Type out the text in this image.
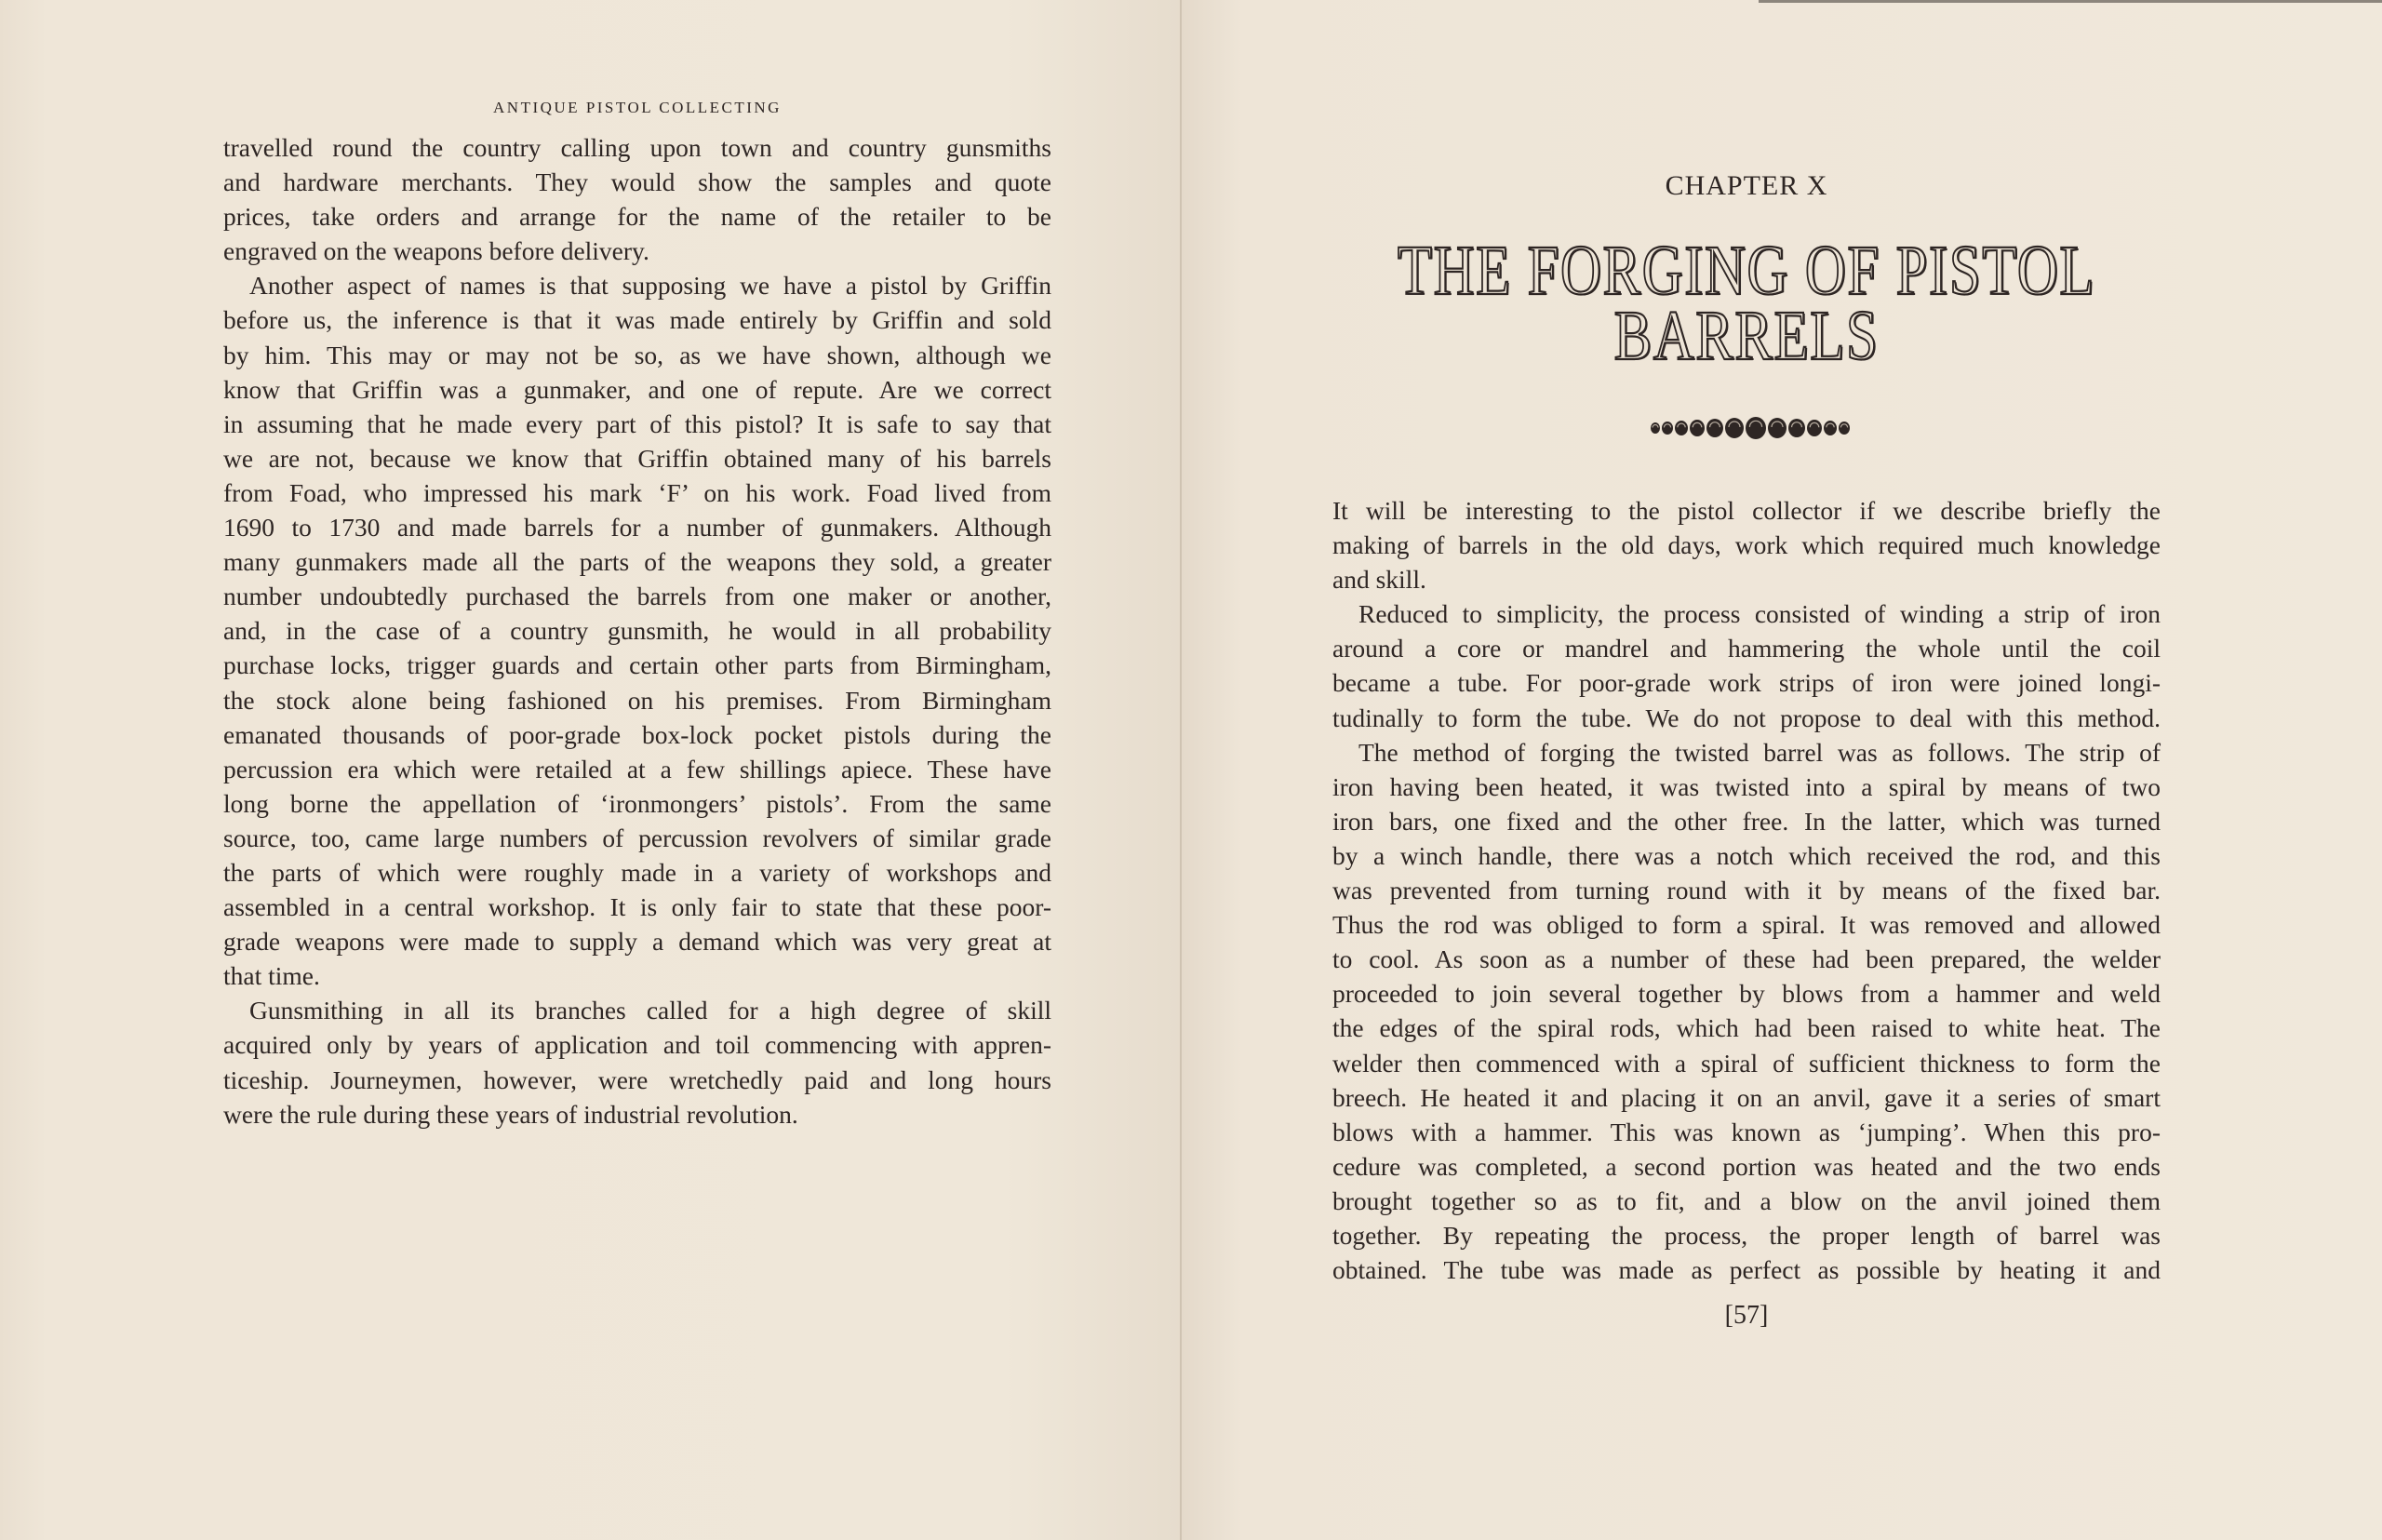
ANTIQUE PISTOL COLLECTING
travelled round the country calling upon town and country gunsmiths
and hardware merchants. They would show the samples and quote
prices, take orders and arrange for the name of the retailer to be
engraved on the weapons before delivery.
Another aspect of names is that supposing we have a pistol by Griffin
before us, the inference is that it was made entirely by Griffin and sold
by him. This may or may not be so, as we have shown, although we
know that Griffin was a gunmaker, and one of repute. Are we correct
in assuming that he made every part of this pistol? It is safe to say that
we are not, because we know that Griffin obtained many of his barrels
from Foad, who impressed his mark ‘F’ on his work. Foad lived from
1690 to 1730 and made barrels for a number of gunmakers. Although
many gunmakers made all the parts of the weapons they sold, a greater
number undoubtedly purchased the barrels from one maker or another,
and, in the case of a country gunsmith, he would in all probability
purchase locks, trigger guards and certain other parts from Birmingham,
the stock alone being fashioned on his premises. From Birmingham
emanated thousands of poor-grade box-lock pocket pistols during the
percussion era which were retailed at a few shillings apiece. These have
long borne the appellation of ‘ironmongers’ pistols’. From the same
source, too, came large numbers of percussion revolvers of similar grade
the parts of which were roughly made in a variety of workshops and
assembled in a central workshop. It is only fair to state that these poor-
grade weapons were made to supply a demand which was very great at
that time.
Gunsmithing in all its branches called for a high degree of skill
acquired only by years of application and toil commencing with appren-
ticeship. Journeymen, however, were wretchedly paid and long hours
were the rule during these years of industrial revolution.
CHAPTER X
THE FORGING OF PISTOL
BARRELS
It will be interesting to the pistol collector if we describe briefly the
making of barrels in the old days, work which required much knowledge
and skill.
Reduced to simplicity, the process consisted of winding a strip of iron
around a core or mandrel and hammering the whole until the coil
became a tube. For poor-grade work strips of iron were joined longi-
tudinally to form the tube. We do not propose to deal with this method.
The method of forging the twisted barrel was as follows. The strip of
iron having been heated, it was twisted into a spiral by means of two
iron bars, one fixed and the other free. In the latter, which was turned
by a winch handle, there was a notch which received the rod, and this
was prevented from turning round with it by means of the fixed bar.
Thus the rod was obliged to form a spiral. It was removed and allowed
to cool. As soon as a number of these had been prepared, the welder
proceeded to join several together by blows from a hammer and weld
the edges of the spiral rods, which had been raised to white heat. The
welder then commenced with a spiral of sufficient thickness to form the
breech. He heated it and placing it on an anvil, gave it a series of smart
blows with a hammer. This was known as ‘jumping’. When this pro-
cedure was completed, a second portion was heated and the two ends
brought together so as to fit, and a blow on the anvil joined them
together. By repeating the process, the proper length of barrel was
obtained. The tube was made as perfect as possible by heating it and
[57]
